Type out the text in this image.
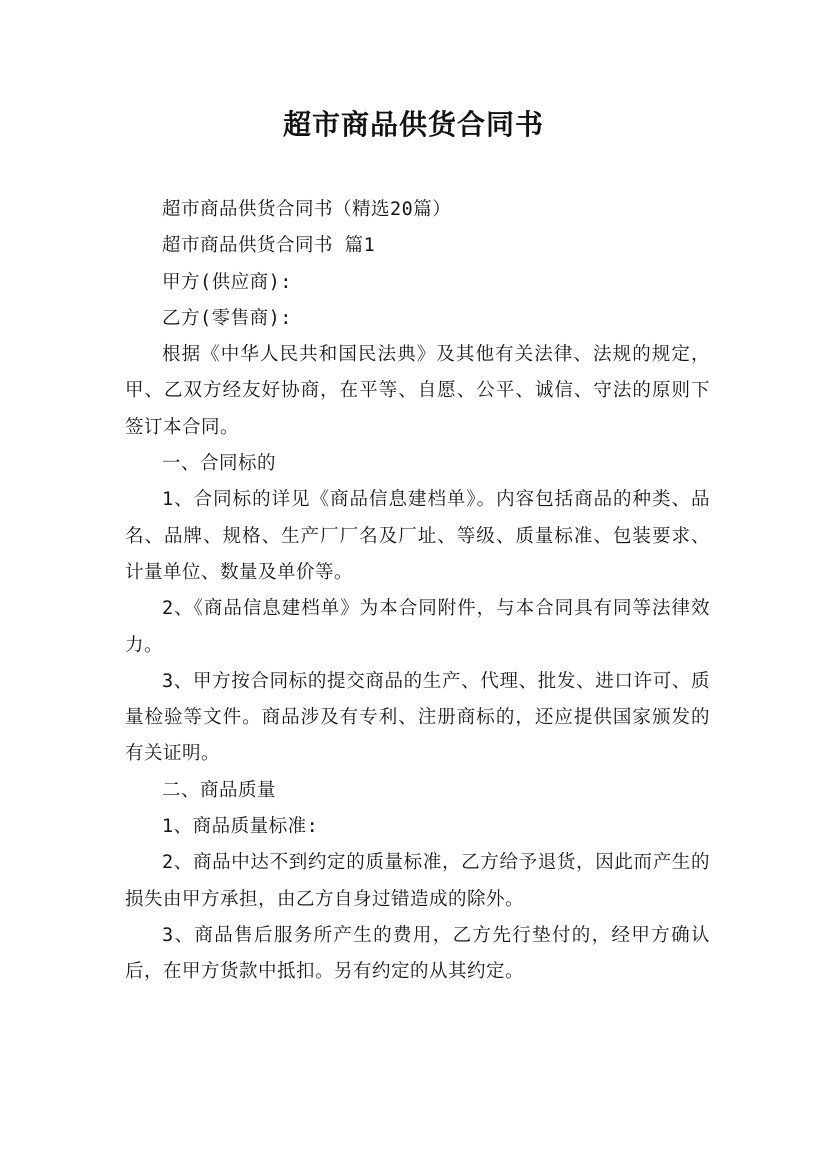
超市商品供货合同书

超市商品供货合同书（精选20篇）

超市商品供货合同书 篇1

甲方(供应商):

乙方(零售商):

根据《中华人民共和国民法典》及其他有关法律、法规的规定，甲、乙双方经友好协商，在平等、自愿、公平、诚信、守法的原则下签订本合同。

一、合同标的

1、合同标的详见《商品信息建档单》。内容包括商品的种类、品名、品牌、规格、生产厂厂名及厂址、等级、质量标准、包装要求、计量单位、数量及单价等。

2、《商品信息建档单》为本合同附件，与本合同具有同等法律效力。

3、甲方按合同标的提交商品的生产、代理、批发、进口许可、质量检验等文件。商品涉及有专利、注册商标的，还应提供国家颁发的有关证明。

二、商品质量

1、商品质量标准:

2、商品中达不到约定的质量标准，乙方给予退货，因此而产生的损失由甲方承担，由乙方自身过错造成的除外。

3、商品售后服务所产生的费用，乙方先行垫付的，经甲方确认后，在甲方货款中抵扣。另有约定的从其约定。
